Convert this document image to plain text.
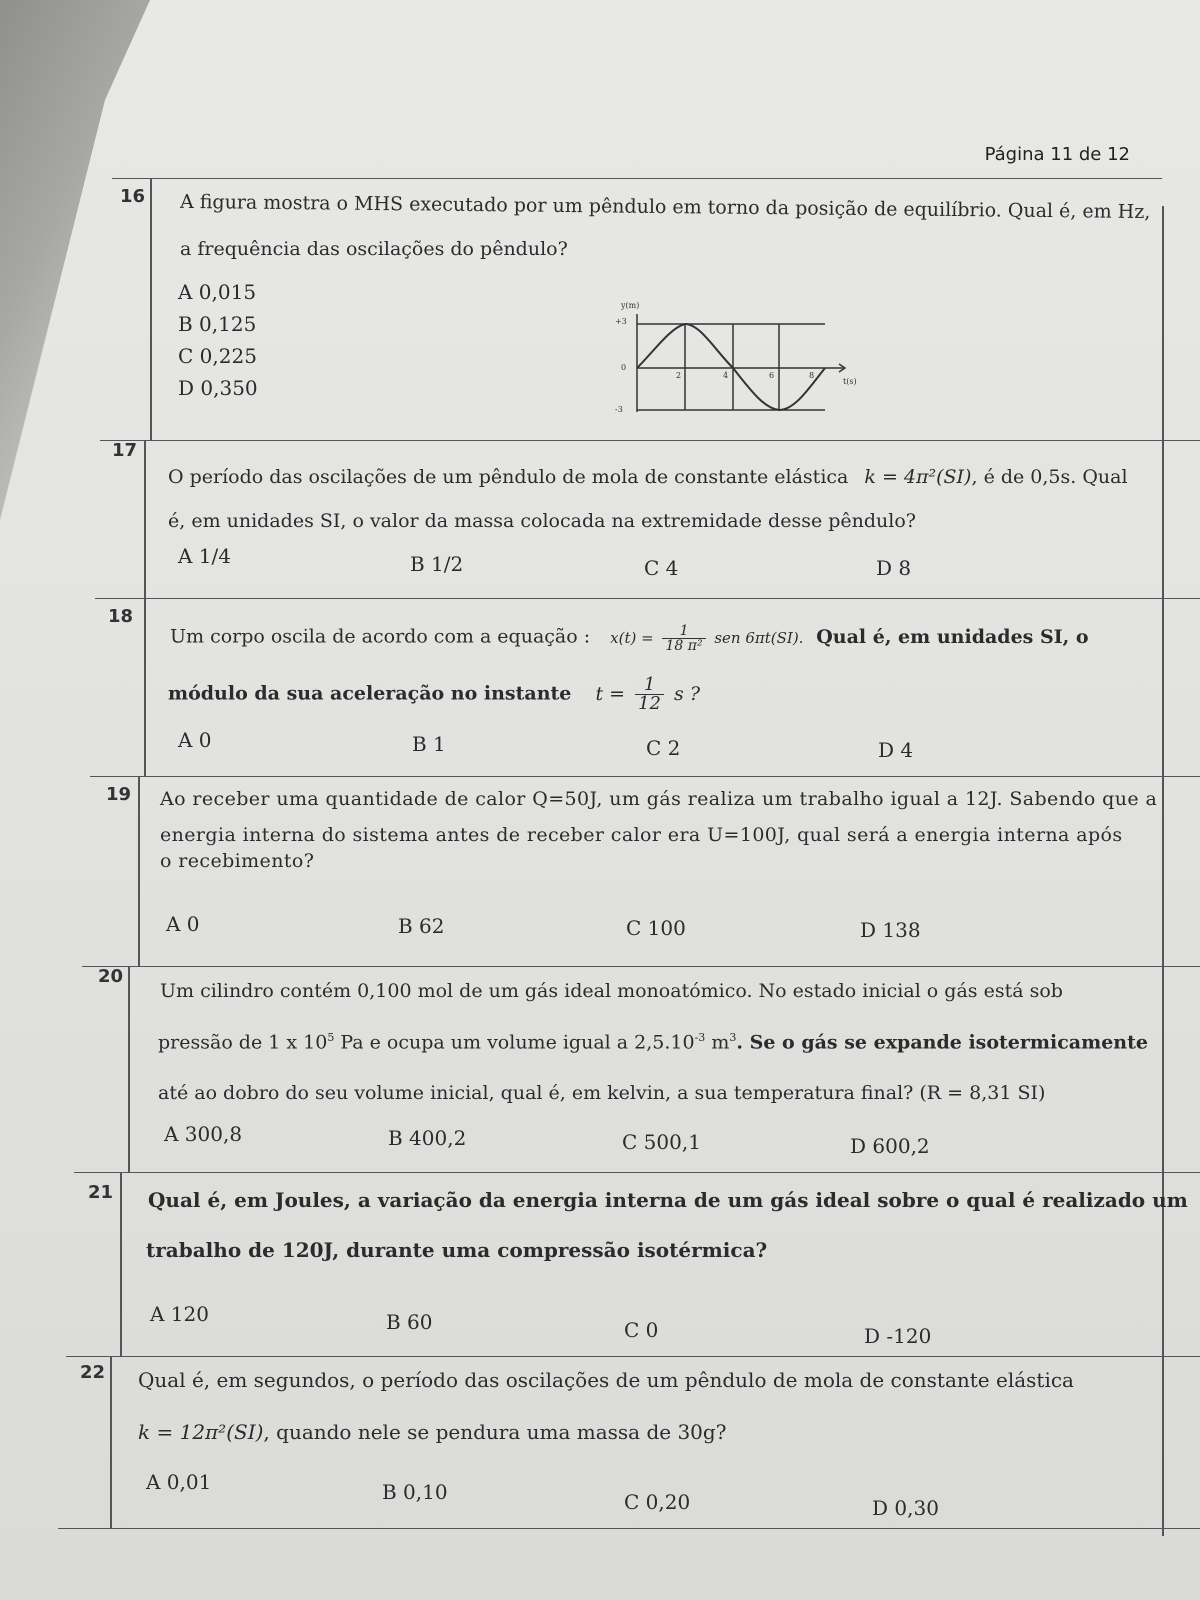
Página 11 de 12
16 A figura mostra o MHS executado por um pêndulo em torno da posição de equilíbrio. Qual é, em Hz,
a frequência das oscilações do pêndulo?
A 0,015
B 0,125
C 0,225
D 0,350
y(m)
+3
0
-3
t(s)
2	4	6	8
17
O período das oscilações de um pêndulo de mola de constante elástica k = 4π²(SI), é de 0,5s. Qual
é, em unidades SI, o valor da massa colocada na extremidade desse pêndulo?
A 1/4	B 1/2	C 4	D 8
18
Um corpo oscila de acordo com a equação : $x(t) = \frac{1}{\text{18 π²}}$ sen 6πt(SI). Qual é, em unidades SI, o
módulo da sua aceleração no instante $t = \frac{1}{12}$ s ?
A 0	B 1	C 2	D 4
19 Ao receber uma quantidade de calor Q=50J, um gás realiza um trabalho igual a 12J. Sabendo que a
energia interna do sistema antes de receber calor era U=100J, qual será a energia interna após
o recebimento?
A 0	B 62	C 100	D 138
20
Um cilindro contém 0,100 mol de um gás ideal monoatómico. No estado inicial o gás está sob
pressão de 1 x $10^5$ Pa e ocupa um volume igual a $2,5.10^{-3}$ $m^3$. Se o gás se expande isotermicamente
até ao dobro do seu volume inicial, qual é, em kelvin, a sua temperatura final? (R = 8,31 SI)
A 300,8	B 400,2	C 500,1	D 600,2
21 Qual é, em Joules, a variação da energia interna de um gás ideal sobre o qual é realizado um
trabalho de 120J, durante uma compressão isotérmica?
A 120	B 60	C 0	D -120
22 Qual é, em segundos, o período das oscilações de um pêndulo de mola de constante elástica
k = 12π²(SI), quando nele se pendura uma massa de 30g?
A 0,01	B 0,10	C 0,20	D 0,30
